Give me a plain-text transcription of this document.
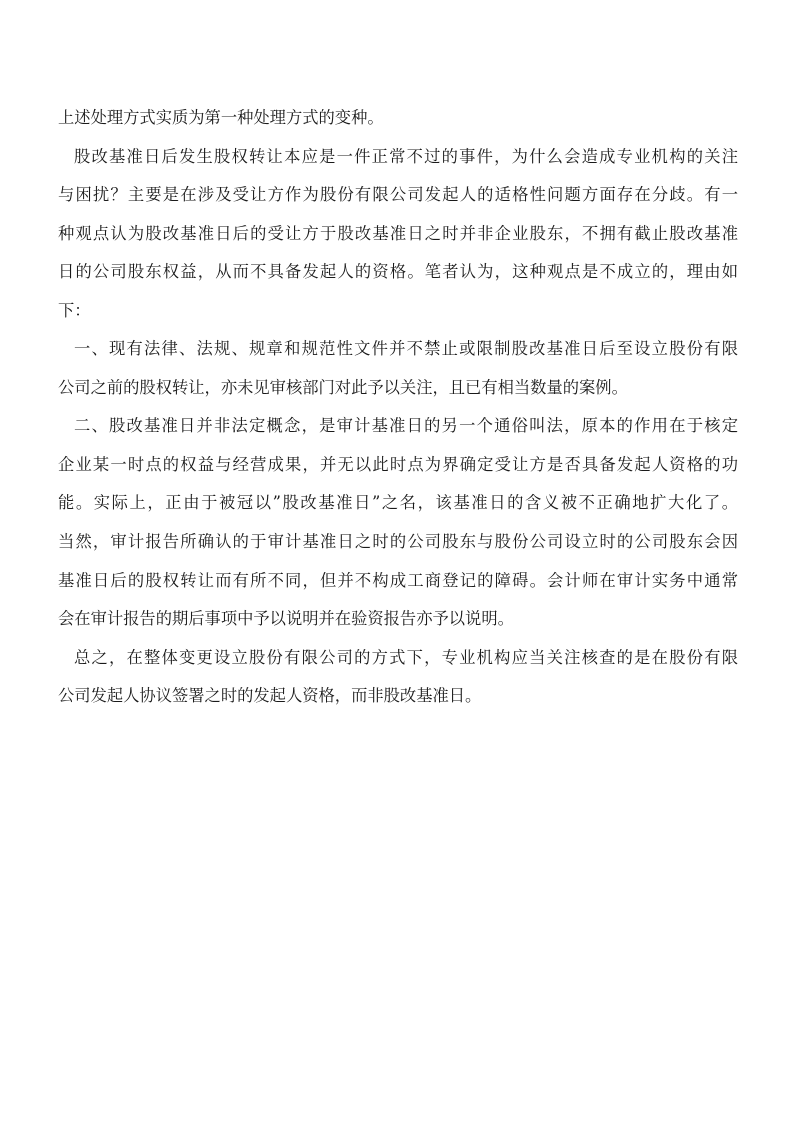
上述处理方式实质为第一种处理方式的变种。
股改基准日后发生股权转让本应是一件正常不过的事件，为什么会造成专业机构的关注
与困扰？主要是在涉及受让方作为股份有限公司发起人的适格性问题方面存在分歧。有一
种观点认为股改基准日后的受让方于股改基准日之时并非企业股东，不拥有截止股改基准
日的公司股东权益，从而不具备发起人的资格。笔者认为，这种观点是不成立的，理由如
下：
一、现有法律、法规、规章和规范性文件并不禁止或限制股改基准日后至设立股份有限
公司之前的股权转让，亦未见审核部门对此予以关注，且已有相当数量的案例。
二、股改基准日并非法定概念，是审计基准日的另一个通俗叫法，原本的作用在于核定
企业某一时点的权益与经营成果，并无以此时点为界确定受让方是否具备发起人资格的功
能。实际上，正由于被冠以”股改基准日”之名，该基准日的含义被不正确地扩大化了。
当然，审计报告所确认的于审计基准日之时的公司股东与股份公司设立时的公司股东会因
基准日后的股权转让而有所不同，但并不构成工商登记的障碍。会计师在审计实务中通常
会在审计报告的期后事项中予以说明并在验资报告亦予以说明。
总之，在整体变更设立股份有限公司的方式下，专业机构应当关注核查的是在股份有限
公司发起人协议签署之时的发起人资格，而非股改基准日。
